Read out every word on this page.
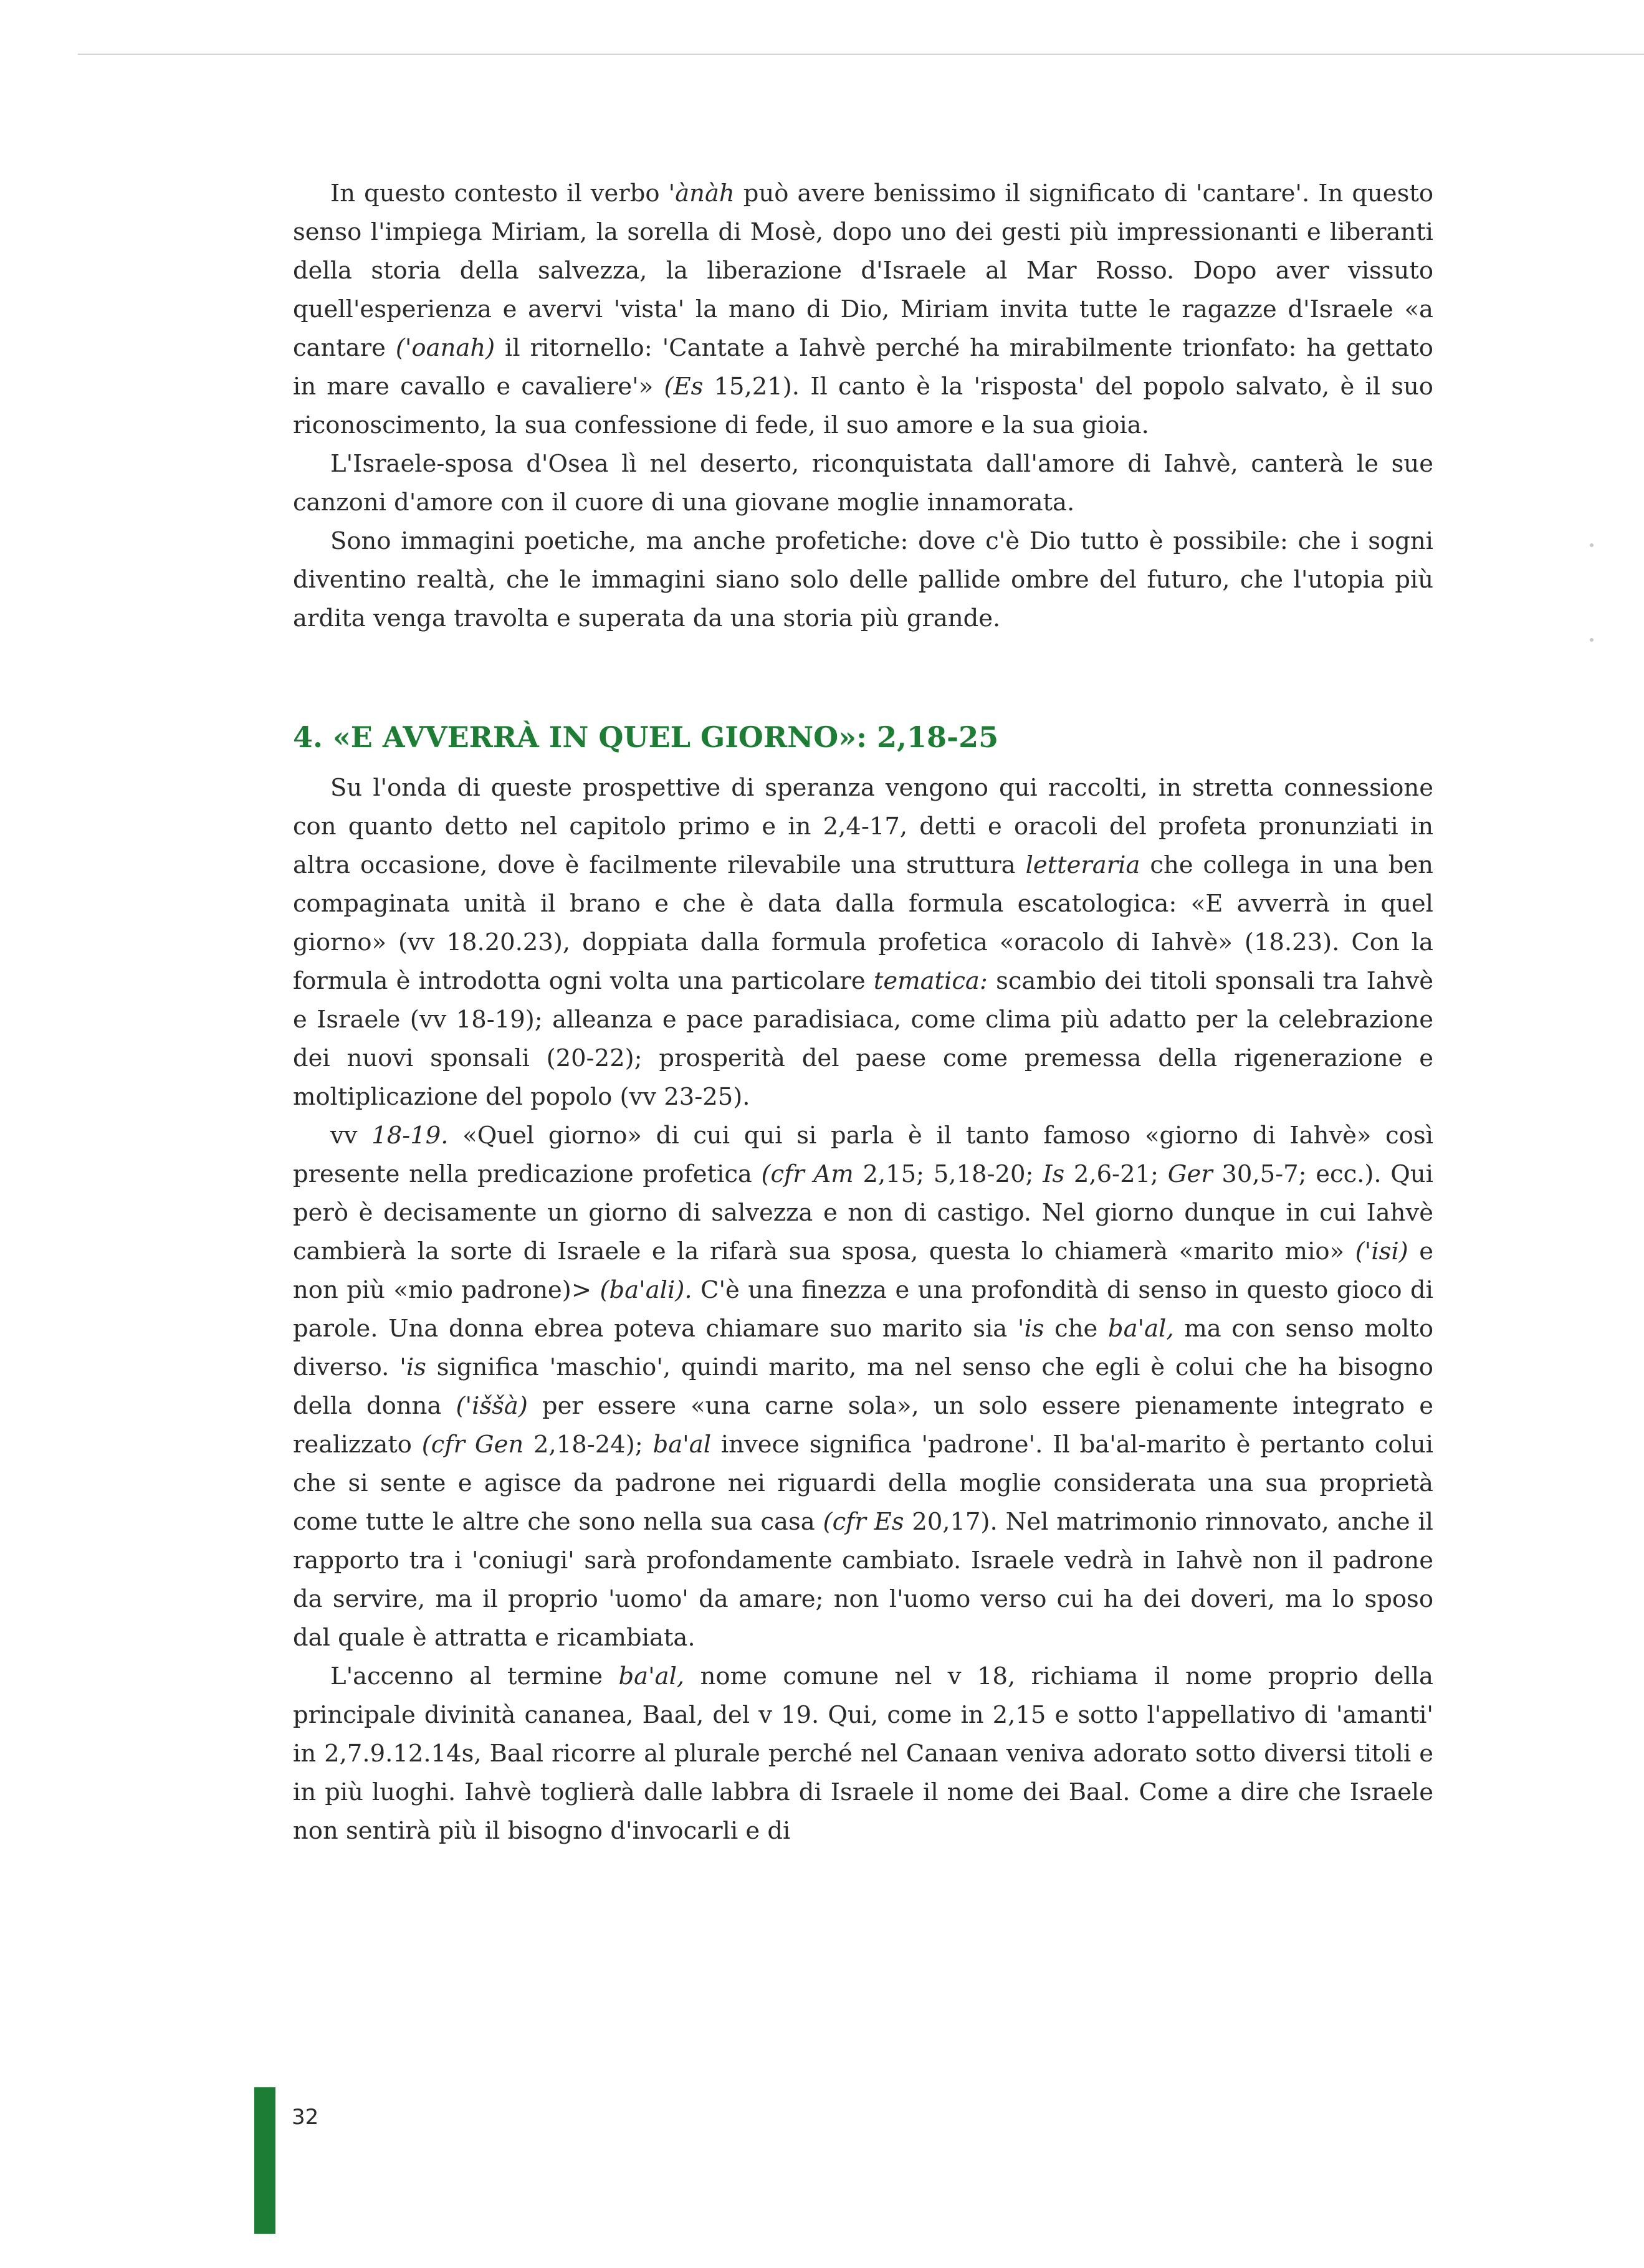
In questo contesto il verbo 'ànàh può avere benissimo il significato di 'cantare'. In questo senso l'impiega Miriam, la sorella di Mosè, dopo uno dei gesti più impressionanti e liberanti della storia della salvezza, la liberazione d'Israele al Mar Rosso. Dopo aver vissuto quell'esperienza e avervi 'vista' la mano di Dio, Miriam invita tutte le ragazze d'Israele «a cantare ('oanah) il ritornello: 'Cantate a Iahvè perché ha mirabilmente trionfato: ha gettato in mare cavallo e cavaliere'» (Es 15,21). Il canto è la 'risposta' del popolo salvato, è il suo riconoscimento, la sua confessione di fede, il suo amore e la sua gioia.

L'Israele-sposa d'Osea lì nel deserto, riconquistata dall'amore di Iahvè, canterà le sue canzoni d'amore con il cuore di una giovane moglie innamorata.

Sono immagini poetiche, ma anche profetiche: dove c'è Dio tutto è possibile: che i sogni diventino realtà, che le immagini siano solo delle pallide ombre del futuro, che l'utopia più ardita venga travolta e superata da una storia più grande.

4. «E AVVERRÀ IN QUEL GIORNO»: 2,18-25

Su l'onda di queste prospettive di speranza vengono qui raccolti, in stretta connessione con quanto detto nel capitolo primo e in 2,4-17, detti e oracoli del profeta pronunziati in altra occasione, dove è facilmente rilevabile una struttura letteraria che collega in una ben compaginata unità il brano e che è data dalla formula escatologica: «E avverrà in quel giorno» (vv 18.20.23), doppiata dalla formula profetica «oracolo di Iahvè» (18.23). Con la formula è introdotta ogni volta una particolare tematica: scambio dei titoli sponsali tra Iahvè e Israele (vv 18-19); alleanza e pace paradisiaca, come clima più adatto per la celebrazione dei nuovi sponsali (20-22); prosperità del paese come premessa della rigenerazione e moltiplicazione del popolo (vv 23-25).

vv 18-19. «Quel giorno» di cui qui si parla è il tanto famoso «giorno di Iahvè» così presente nella predicazione profetica (cfr Am 2,15; 5,18-20; Is 2,6-21; Ger 30,5-7; ecc.). Qui però è decisamente un giorno di salvezza e non di castigo. Nel giorno dunque in cui Iahvè cambierà la sorte di Israele e la rifarà sua sposa, questa lo chiamerà «marito mio» ('isi) e non più «mio padrone)> (ba'ali). C'è una finezza e una profondità di senso in questo gioco di parole. Una donna ebrea poteva chiamare suo marito sia 'is che ba'al, ma con senso molto diverso. 'is significa 'maschio', quindi marito, ma nel senso che egli è colui che ha bisogno della donna ('iššà) per essere «una carne sola», un solo essere pienamente integrato e realizzato (cfr Gen 2,18-24); ba'al invece significa 'padrone'. Il ba'al-marito è pertanto colui che si sente e agisce da padrone nei riguardi della moglie considerata una sua proprietà come tutte le altre che sono nella sua casa (cfr Es 20,17). Nel matrimonio rinnovato, anche il rapporto tra i 'coniugi' sarà profondamente cambiato. Israele vedrà in Iahvè non il padrone da servire, ma il proprio 'uomo' da amare; non l'uomo verso cui ha dei doveri, ma lo sposo dal quale è attratta e ricambiata.

L'accenno al termine ba'al, nome comune nel v 18, richiama il nome proprio della principale divinità cananea, Baal, del v 19. Qui, come in 2,15 e sotto l'appellativo di 'amanti' in 2,7.9.12.14s, Baal ricorre al plurale perché nel Canaan veniva adorato sotto diversi titoli e in più luoghi. Iahvè toglierà dalle labbra di Israele il nome dei Baal. Come a dire che Israele non sentirà più il bisogno d'invocarli e di

32
